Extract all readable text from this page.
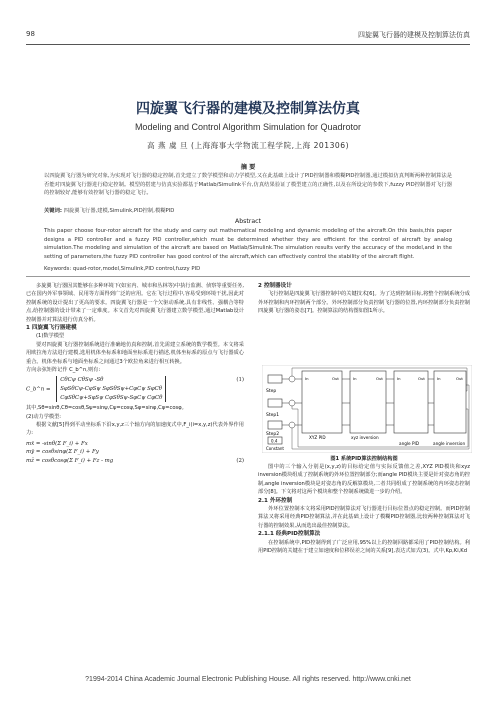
98	四旋翼飞行器的建模及控制算法仿真
四旋翼飞行器的建模及控制算法仿真
Modeling and Control Algorithm Simulation for Quadrotor
高 燕 虞 旦 (上海海事大学物流工程学院,上海 201306)
摘 要
以四旋翼飞行器为研究对象,为实现对飞行器的稳定控制,首先建立了数学模型和动力学模型,又在此基础上设计了PID控制器和模糊PID控制器,通过模拟仿真判断两种控制算法是否能对四旋翼飞行器进行稳定控制。模型的搭建与仿真实验都基于Matlab/Simulink平台,仿真结果验证了模型建立的正确性,以及在所设定的参数下,fuzzy PID控制器对飞行器的控制较好,能够有效控制飞行器的稳定飞行。
关键词: 四旋翼飞行器,建模,Simulink,PID控制,模糊PID
Abstract
This paper choose four-rotor aircraft for the study and carry out mathematical modeling and dynamic modeling of the aircraft.On this basis,this paper designs a PID controller and a fuzzy PID controller,which must be determined whether they are efficient for the control of aircraft by analog simulation.The modeling and simulation of the aircraft are based on Matlab/Simulink.The simulation results verify the accuracy of the model,and in the setting of parameters,the fuzzy PID controller has good control of the aircraft,which can effectively control the stability of the aircraft flight.
Keywords: quad-rotor,model,Simulink,PID control,fuzzy PID
多旋翼飞行器因其能够在多种环境下(如室内、城市和丛林等)中执行监测、侦察等重要任务,已在国内外军事领域、民用等方面得到广泛的应用。它在飞行过程中,容易受到环境干扰,因此对控制系统的设计提出了更高的要求。四旋翼飞行器是一个欠驱动系统,具有非线性、强耦合等特点,给控制器的设计带来了一定难度。本文首先对四旋翼飞行器建立数学模型,通过Matlab设计控制器并对算法进行仿真分析。
1 四旋翼飞行器建模
(1)数学模型
要对四旋翼飞行器控制系统进行准确地仿真和控制,首先需建立系统的数学模型。本文将采用欧拉角方法进行建模,选用机体坐标系和地面坐标系进行描述,机体坐标系的原点与飞行器质心重合。机体坐标系与地面坐标系之间通过3个欧拉角来进行相互转换。
方向余弦矩阵记作 C_b^n,则有:
C_b^n =
CθCψ CθSψ -Sθ
SφSθCψ-CφSψ SφSθSψ+CφCψ SφCθ
CφSθCψ+SφSψ CφSθSψ-SφCψ CφCθ
(1)
其中,Sθ=sinθ,Cθ=cosθ,Sψ=sinψ,Cψ=cosψ,Sφ=sinφ,Cφ=cosφ。
(2)动力学模型:
根据文献[5]得到平动坐标系下沿x,y,z三个轴方向的加速度式中,F_i(i=x,y,z)代表外界作用力:
mẍ = -sinθ(Σ F_i) + Fx
mÿ = cosθsinφ(Σ F_i) + Fy
mz̈ = cosθcosφ(Σ F_i) + Fz - mg	(2)
2 控制器设计
飞行控制是四旋翼飞行器控制中的关键技术[6]。为了达到控制目标,将整个控制系统分成外环控制和内环控制两个部分。外环控制部分负责控制飞行器的位置,内环控制部分负责控制四旋翼飞行器的姿态[7]。控制算法的结构图如图1所示。
Step
Step1
Step2
0.4
Constant
In	Out
XYZ PID
In	Out
xyz inversion
In	Out
angle PID
In	Out
angle inversion
图1 系统PID算法控制结构图
图中的三个输入分别是(x,y,z)的目标给定值与实际反馈值之差,XYZ PID模块和xyz inversion模块组成了控制系统的外环位置控制部分;而angle PID模块主要是针对姿态角的控制,angle inversion模块是对姿态角的反解算模块,二者共同组成了控制系统的内环姿态控制部分[8]。下文将对这两个模块和整个控制系统做进一步的介绍。
2.1 外环控制
外环位置控制本文将采用PID控制算法对飞行器进行目标位置点的稳定控制。而PID控制算法又将采用经典PID控制算法,并在此基础上设计了模糊PID控制器,比较两种控制算法对飞行器的控制效果,从而选出最佳控制算法。
2.1.1 经典PID控制算法
在控制系统中,PID控制得到了广泛应用,95%以上的控制回路都采用了PID控制结构。利用PID控制的关键在于建立如速度和位移误差之间的关系[9],表达式如式(3)。式中,Kp,Ki,Kd
?1994-2014 China Academic Journal Electronic Publishing House. All rights reserved. http://www.cnki.net
